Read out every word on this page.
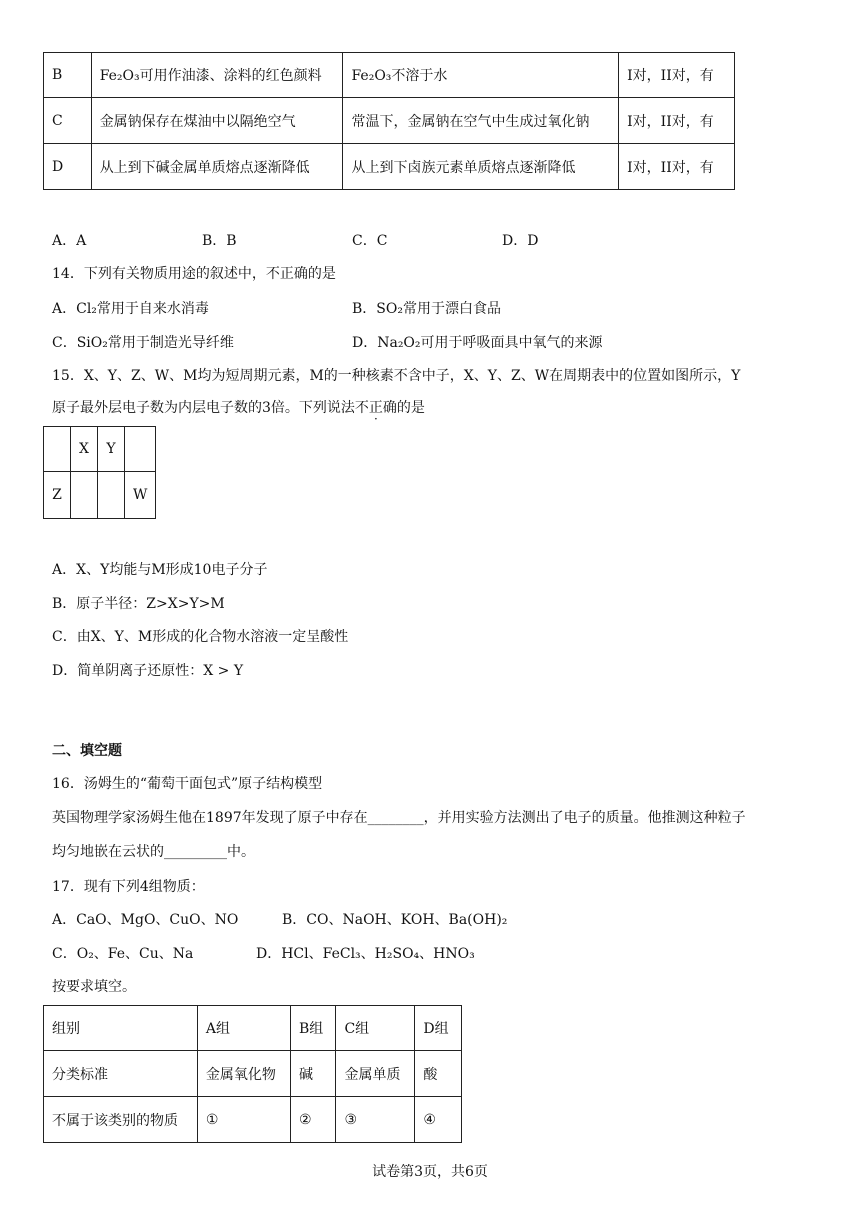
B	Fe₂O₃可用作油漆、涂料的红色颜料	Fe₂O₃不溶于水	I对，II对，有
C	金属钠保存在煤油中以隔绝空气	常温下，金属钠在空气中生成过氧化钠	I对，II对，有
D	从上到下碱金属单质熔点逐渐降低	从上到下卤族元素单质熔点逐渐降低	I对，II对，有
A．A	B．B	C．C	D．D
14．下列有关物质用途的叙述中，不正确的是
A．Cl₂常用于自来水消毒	B．SO₂常用于漂白食品
C．SiO₂常用于制造光导纤维	D．Na₂O₂可用于呼吸面具中氧气的来源
15．X、Y、Z、W、M均为短周期元素，M的一种核素不含中子，X、Y、Z、W在周期表中的位置如图所示，Y
原子最外层电子数为内层电子数的3倍。下列说法不正确的是
	X	Y	
Z			W
A．X、Y均能与M形成10电子分子
B．原子半径：Z>X>Y>M
C．由X、Y、M形成的化合物水溶液一定呈酸性
D．简单阴离子还原性：X > Y
二、填空题
16．汤姆生的“葡萄干面包式”原子结构模型
英国物理学家汤姆生他在1897年发现了原子中存在________，并用实验方法测出了电子的质量。他推测这种粒子
均匀地嵌在云状的_________中。
17．现有下列4组物质：
A．CaO、MgO、CuO、NO	B．CO、NaOH、KOH、Ba(OH)₂
C．O₂、Fe、Cu、Na	D．HCl、FeCl₃、H₂SO₄、HNO₃
按要求填空。
组别	A组	B组	C组	D组
分类标准	金属氧化物	碱	金属单质	酸
不属于该类别的物质	①	②	③	④
试卷第3页，共6页
